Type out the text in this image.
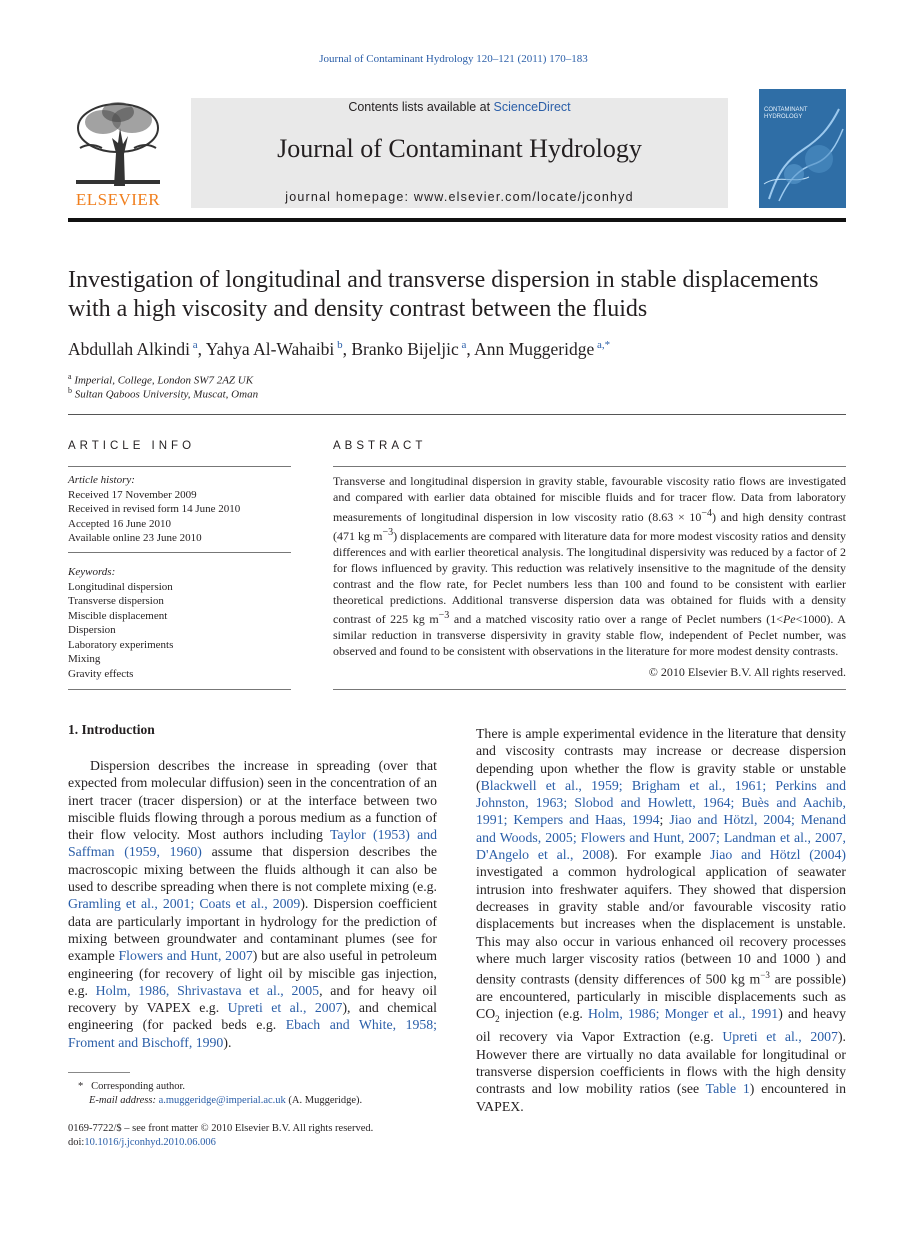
Journal of Contaminant Hydrology 120–121 (2011) 170–183
ELSEVIER
Contents lists available at ScienceDirect
Journal of Contaminant Hydrology
journal homepage: www.elsevier.com/locate/jconhyd
CONTAMINANT HYDROLOGY
Investigation of longitudinal and transverse dispersion in stable displacements with a high viscosity and density contrast between the fluids
Abdullah Alkindi $^a$, Yahya Al-Wahaibi $^b$, Branko Bijeljic $^a$, Ann Muggeridge $^{a,*}$
$^a$ Imperial, College, London SW7 2AZ UK
$^b$ Sultan Qaboos University, Muscat, Oman
ARTICLE INFO
Article history:
Received 17 November 2009
Received in revised form 14 June 2010
Accepted 16 June 2010
Available online 23 June 2010
Keywords:
Longitudinal dispersion
Transverse dispersion
Miscible displacement
Dispersion
Laboratory experiments
Mixing
Gravity effects
ABSTRACT
Transverse and longitudinal dispersion in gravity stable, favourable viscosity ratio flows are investigated and compared with earlier data obtained for miscible fluids and for tracer flow. Data from laboratory measurements of longitudinal dispersion in low viscosity ratio $(8.63 \times 10^{-4})$ and high density contrast (471 kg $m^{-3}$) displacements are compared with literature data for more modest viscosity ratios and density differences and with earlier theoretical analysis. The longitudinal dispersivity was reduced by a factor of 2 for flows influenced by gravity. This reduction was relatively insensitive to the magnitude of the density contrast and the flow rate, for Peclet numbers less than 100 and found to be consistent with earlier theoretical predictions. Additional transverse dispersion data was obtained for fluids with a density contrast of 225 kg $m^{-3}$ and a matched viscosity ratio over a range of Peclet numbers (1<Pe<1000). A similar reduction in transverse dispersivity in gravity stable flow, independent of Peclet number, was observed and found to be consistent with observations in the literature for more modest density contrasts.
© 2010 Elsevier B.V. All rights reserved.
1. Introduction

Dispersion describes the increase in spreading (over that expected from molecular diffusion) seen in the concentration of an inert tracer (tracer dispersion) or at the interface between two miscible fluids flowing through a porous medium as a function of their flow velocity. Most authors including Taylor (1953) and Saffman (1959, 1960) assume that dispersion describes the macroscopic mixing between the fluids although it can also be used to describe spreading when there is not complete mixing (e.g. Gramling et al., 2001; Coats et al., 2009). Dispersion coefficient data are particularly important in hydrology for the prediction of mixing between groundwater and contaminant plumes (see for example Flowers and Hunt, 2007) but are also useful in petroleum engineering (for recovery of light oil by miscible gas injection, e.g. Holm, 1986, Shrivastava et al., 2005, and for heavy oil recovery by VAPEX e.g. Upreti et al., 2007), and chemical engineering (for packed beds e.g. Ebach and White, 1958; Froment and Bischoff, 1990).

There is ample experimental evidence in the literature that density and viscosity contrasts may increase or decrease dispersion depending upon whether the flow is gravity stable or unstable (Blackwell et al., 1959; Brigham et al., 1961; Perkins and Johnston, 1963; Slobod and Howlett, 1964; Buès and Aachib, 1991; Kempers and Haas, 1994; Jiao and Hötzl, 2004; Menand and Woods, 2005; Flowers and Hunt, 2007; Landman et al., 2007, D'Angelo et al., 2008). For example Jiao and Hötzl (2004) investigated a common hydrological application of seawater intrusion into freshwater aquifers. They showed that dispersion decreases in gravity stable and/or favourable viscosity ratio displacements but increases when the displacement is unstable. This may also occur in various enhanced oil recovery processes where much larger viscosity ratios (between 10 and 1000 ) and density contrasts (density differences of 500 kg $m^{-3}$ are possible) are encountered, particularly in miscible displacements such as $CO_2$ injection (e.g. Holm, 1986; Monger et al., 1991) and heavy oil recovery via Vapor Extraction (e.g. Upreti et al., 2007). However there are virtually no data available for longitudinal or transverse dispersion coefficients in flows with the high density contrasts and low mobility ratios (see Table 1) encountered in VAPEX.

* Corresponding author.
E-mail address: a.muggeridge@imperial.ac.uk (A. Muggeridge).
0169-7722/$ – see front matter © 2010 Elsevier B.V. All rights reserved.
doi:10.1016/j.jconhyd.2010.06.006
